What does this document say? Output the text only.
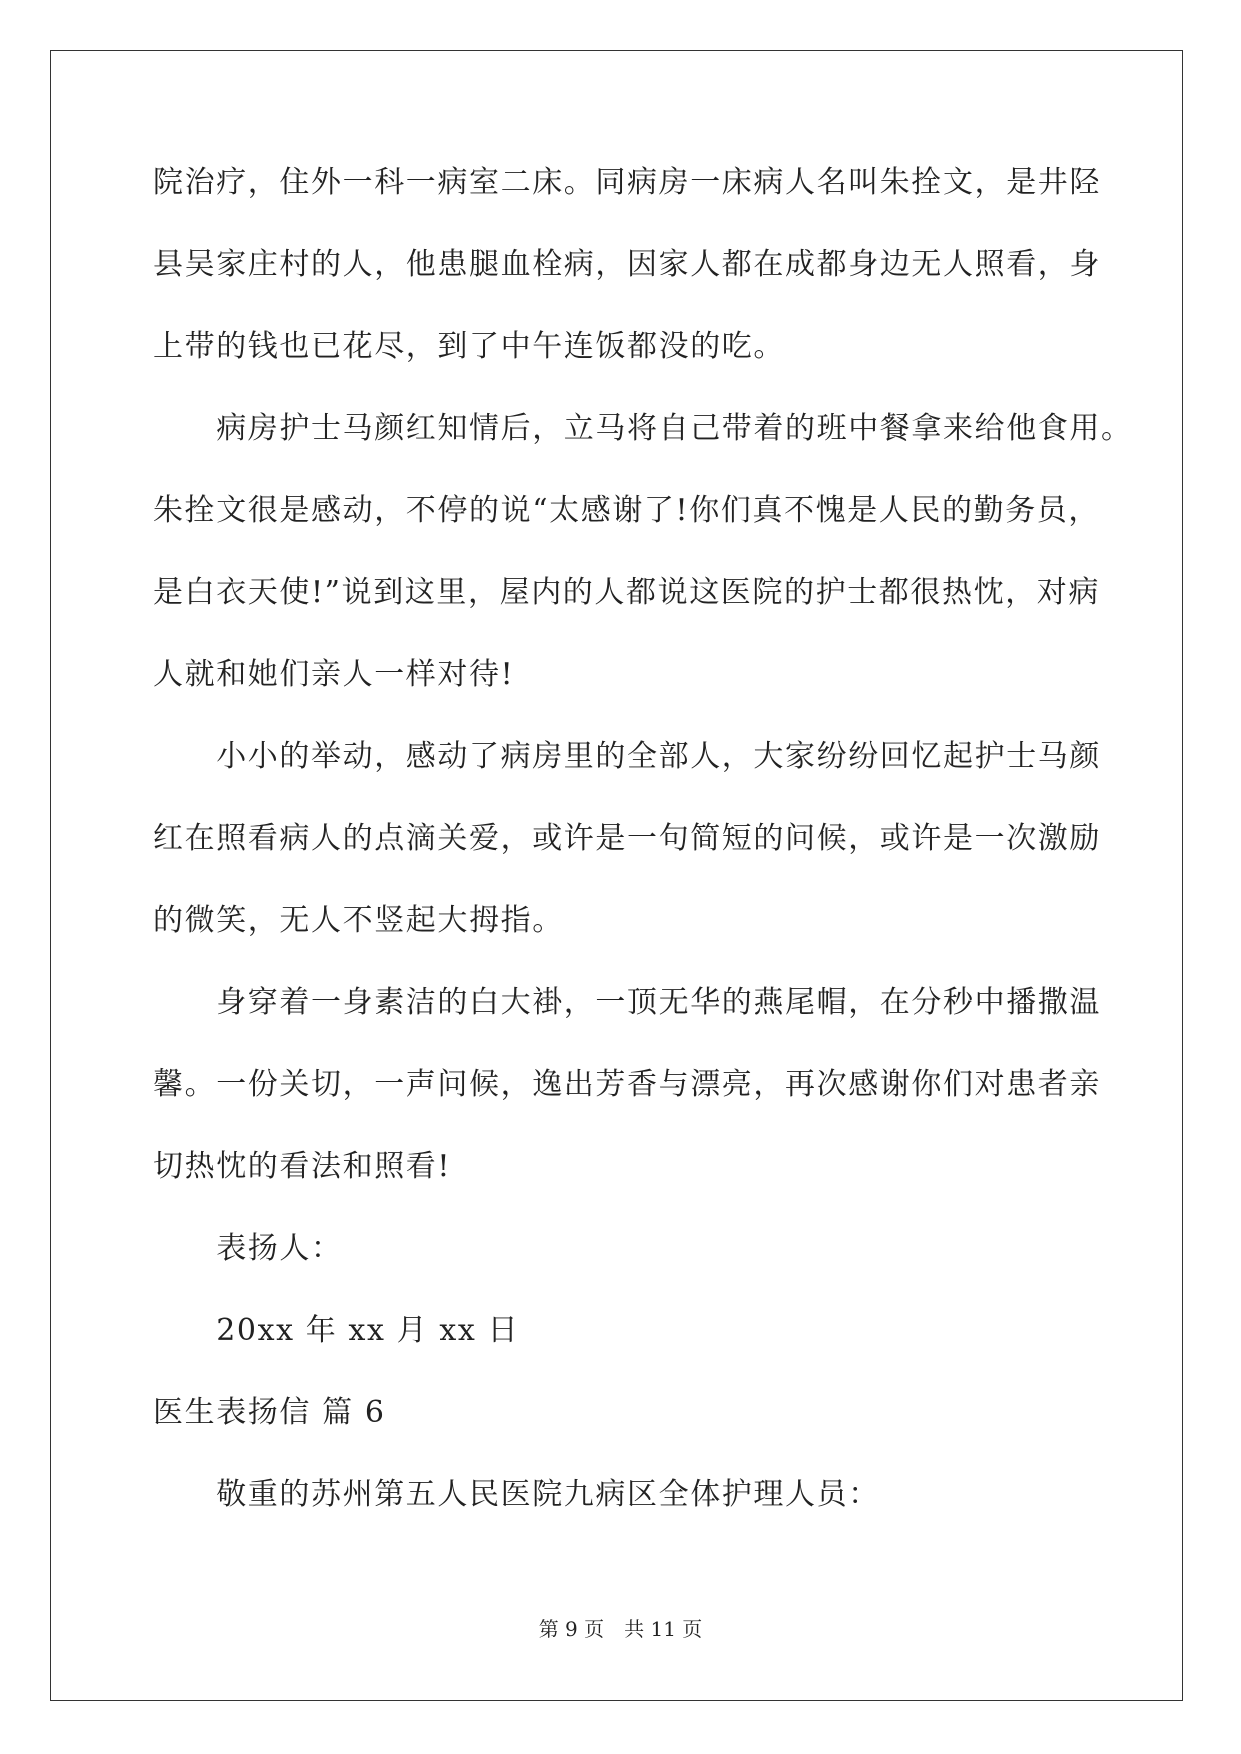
院治疗，住外一科一病室二床。同病房一床病人名叫朱拴文，是井陉

县吴家庄村的人，他患腿血栓病，因家人都在成都身边无人照看，身

上带的钱也已花尽，到了中午连饭都没的吃。

　　病房护士马颜红知情后，立马将自己带着的班中餐拿来给他食用。

朱拴文很是感动，不停的说“太感谢了!你们真不愧是人民的勤务员，

是白衣天使!”说到这里，屋内的人都说这医院的护士都很热忱，对病

人就和她们亲人一样对待!

　　小小的举动，感动了病房里的全部人，大家纷纷回忆起护士马颜

红在照看病人的点滴关爱，或许是一句简短的问候，或许是一次激励

的微笑，无人不竖起大拇指。

　　身穿着一身素洁的白大褂，一顶无华的燕尾帽，在分秒中播撒温

馨。一份关切，一声问候，逸出芳香与漂亮，再次感谢你们对患者亲

切热忱的看法和照看!

　　表扬人：

　　20xx 年 xx 月 xx 日

医生表扬信 篇 6

　　敬重的苏州第五人民医院九病区全体护理人员：

第 9 页　共 11 页
